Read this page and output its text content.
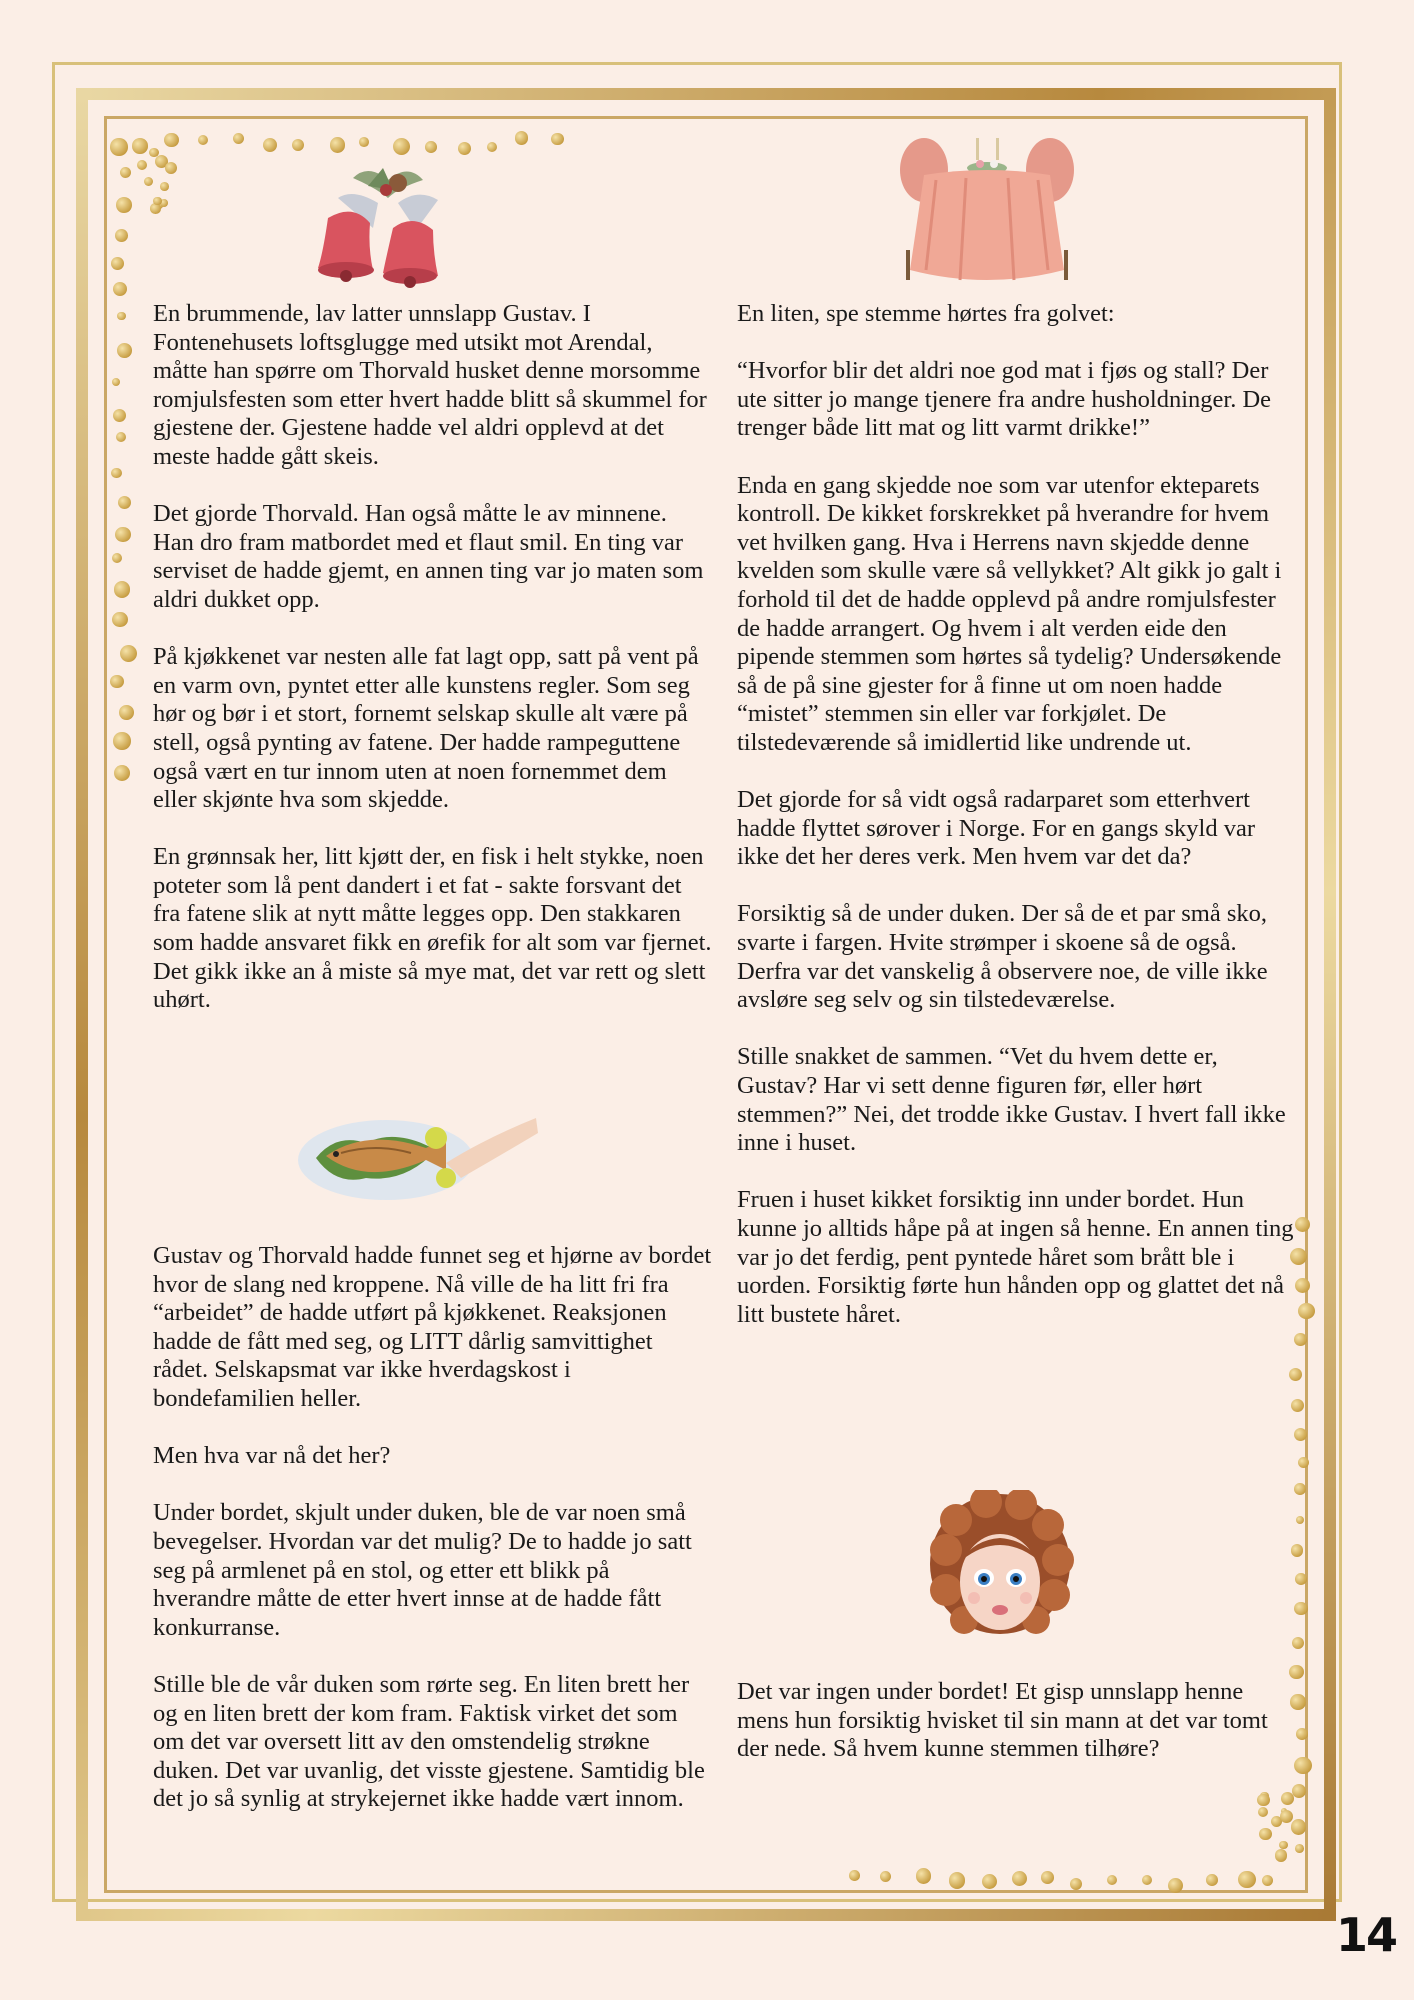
En brummende, lav latter unnslapp Gustav. I Fontenehusets loftsglugge med utsikt mot Arendal, måtte han spørre om Thorvald husket denne morsomme romjulsfesten som etter hvert hadde blitt så skummel for gjestene der. Gjestene hadde vel aldri opplevd at det meste hadde gått skeis.

Det gjorde Thorvald. Han også måtte le av minnene. Han dro fram matbordet med et flaut smil. En ting var serviset de hadde gjemt, en annen ting var jo maten som aldri dukket opp.

På kjøkkenet var nesten alle fat lagt opp, satt på vent på en varm ovn, pyntet etter alle kunstens regler. Som seg hør og bør i et stort, fornemt selskap skulle alt være på stell, også pynting av fatene. Der hadde rampeguttene også vært en tur innom uten at noen fornemmet dem eller skjønte hva som skjedde.

En grønnsak her, litt kjøtt der, en fisk i helt stykke, noen poteter som lå pent dandert i et fat - sakte forsvant det fra fatene slik at nytt måtte legges opp. Den stakkaren som hadde ansvaret fikk en ørefik for alt som var fjernet. Det gikk ikke an å miste så mye mat, det var rett og slett uhørt.

Gustav og Thorvald hadde funnet seg et hjørne av bordet hvor de slang ned kroppene. Nå ville de ha litt fri fra “arbeidet” de hadde utført på kjøkkenet. Reaksjonen hadde de fått med seg, og LITT dårlig samvittighet rådet. Selskapsmat var ikke hverdagskost i bondefamilien heller.

Men hva var nå det her?

Under bordet, skjult under duken, ble de var noen små bevegelser. Hvordan var det mulig? De to hadde jo satt seg på armlenet på en stol, og etter ett blikk på hverandre måtte de etter hvert innse at de hadde fått konkurranse.

Stille ble de vår duken som rørte seg. En liten brett her og en liten brett der kom fram. Faktisk virket det som om det var oversett litt av den omstendelig strøkne duken. Det var uvanlig, det visste gjestene. Samtidig ble det jo så synlig at strykejernet ikke hadde vært innom.

En liten, spe stemme hørtes fra golvet:

“Hvorfor blir det aldri noe god mat i fjøs og stall? Der ute sitter jo mange tjenere fra andre husholdninger. De trenger både litt mat og litt varmt drikke!”

Enda en gang skjedde noe som var utenfor ekteparets kontroll. De kikket forskrekket på hverandre for hvem vet hvilken gang. Hva i Herrens navn skjedde denne kvelden som skulle være så vellykket? Alt gikk jo galt i forhold til det de hadde opplevd på andre romjulsfester de hadde arrangert. Og hvem i alt verden eide den pipende stemmen som hørtes så tydelig? Undersøkende så de på sine gjester for å finne ut om noen hadde “mistet” stemmen sin eller var forkjølet. De tilstedeværende så imidlertid like undrende ut.

Det gjorde for så vidt også radarparet som etterhvert hadde flyttet sørover i Norge. For en gangs skyld var ikke det her deres verk. Men hvem var det da?

Forsiktig så de under duken. Der så de et par små sko, svarte i fargen. Hvite strømper i skoene så de også. Derfra var det vanskelig å observere noe, de ville ikke avsløre seg selv og sin tilstedeværelse.

Stille snakket de sammen. “Vet du hvem dette er, Gustav? Har vi sett denne figuren før, eller hørt stemmen?” Nei, det trodde ikke Gustav. I hvert fall ikke inne i huset.

Fruen i huset kikket forsiktig inn under bordet. Hun kunne jo alltids håpe på at ingen så henne. En annen ting var jo det ferdig, pent pyntede håret som brått ble i uorden. Forsiktig førte hun hånden opp og glattet det nå litt bustete håret.

Det var ingen under bordet! Et gisp unnslapp henne mens hun forsiktig hvisket til sin mann at det var tomt der nede. Så hvem kunne stemmen tilhøre?

14
